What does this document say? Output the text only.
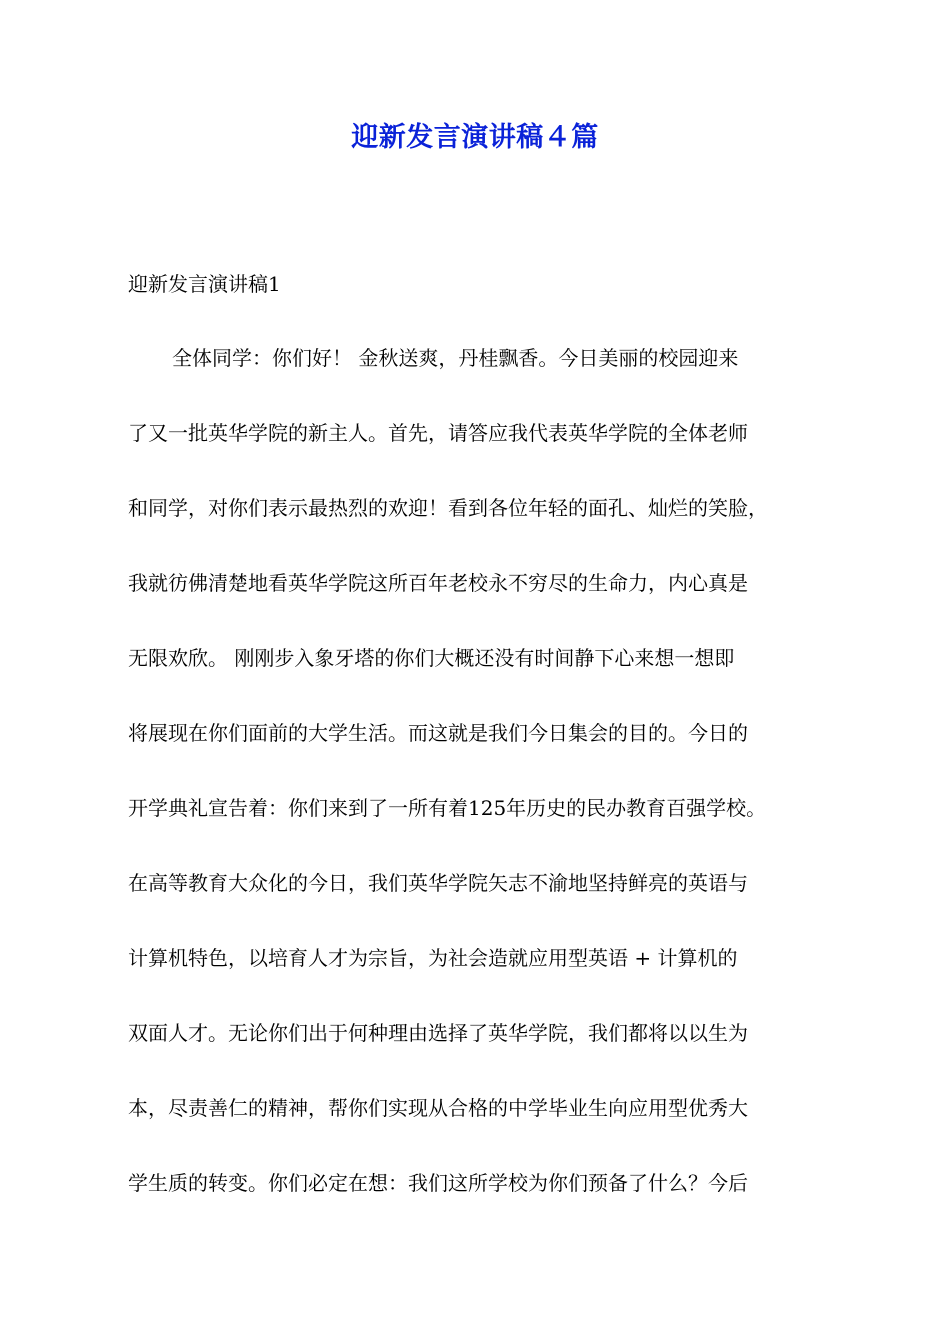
迎新发言演讲稿４篇
迎新发言演讲稿1
全体同学：你们好！ 金秋送爽，丹桂飘香。今日美丽的校园迎来
了又一批英华学院的新主人。首先，请答应我代表英华学院的全体老师
和同学，对你们表示最热烈的欢迎！看到各位年轻的面孔、灿烂的笑脸，
我就彷佛清楚地看英华学院这所百年老校永不穷尽的生命力，内心真是
无限欢欣。 刚刚步入象牙塔的你们大概还没有时间静下心来想一想即
将展现在你们面前的大学生活。而这就是我们今日集会的目的。今日的
开学典礼宣告着：你们来到了一所有着125年历史的民办教育百强学校。
在高等教育大众化的今日，我们英华学院矢志不渝地坚持鲜亮的英语与
计算机特色，以培育人才为宗旨，为社会造就应用型英语 + 计算机的
双面人才。无论你们出于何种理由选择了英华学院，我们都将以以生为
本，尽责善仁的精神，帮你们实现从合格的中学毕业生向应用型优秀大
学生质的转变。你们必定在想：我们这所学校为你们预备了什么？今后
